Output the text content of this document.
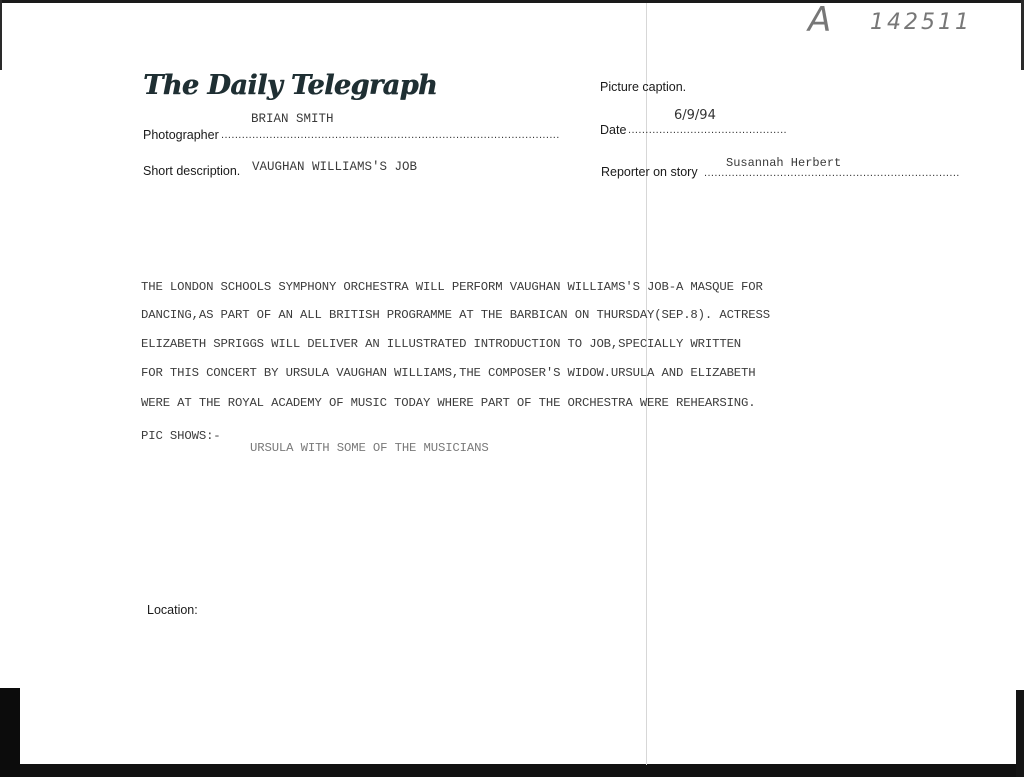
A 142511
The Daily Telegraph
BRIAN SMITH
Photographer ..................................................................................................
Short description. VAUGHAN WILLIAMS'S JOB
Picture caption.
6/9/94
Date ..............................................
Reporter on story
Susannah Herbert
..........................................................................
THE LONDON SCHOOLS SYMPHONY ORCHESTRA WILL PERFORM VAUGHAN WILLIAMS'S JOB-A MASQUE FOR
DANCING,AS PART OF AN ALL BRITISH PROGRAMME AT THE BARBICAN ON THURSDAY(SEP.8). ACTRESS
ELIZABETH SPRIGGS WILL DELIVER AN ILLUSTRATED INTRODUCTION TO JOB,SPECIALLY WRITTEN
FOR THIS CONCERT BY URSULA VAUGHAN WILLIAMS,THE COMPOSER'S WIDOW.URSULA AND ELIZABETH
WERE AT THE ROYAL ACADEMY OF MUSIC TODAY WHERE PART OF THE ORCHESTRA WERE REHEARSING.
PIC SHOWS:-
URSULA WITH SOME OF THE MUSICIANS
Location:
